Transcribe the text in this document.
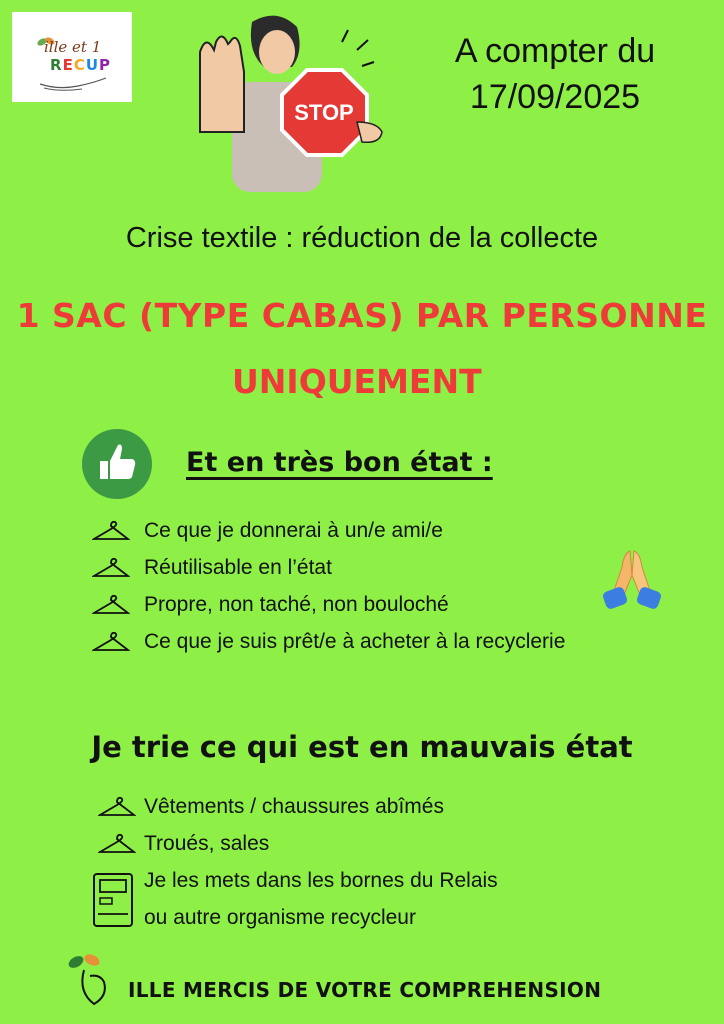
ille et 1
RECUP
STOP
A compter du
17/09/2025
Crise textile : réduction de la collecte
1 SAC (TYPE CABAS) PAR PERSONNE
UNIQUEMENT
Et en très bon état :
Ce que je donnerai à un/e ami/e
Réutilisable en l’état
Propre, non taché, non bouloché
Ce que je suis prêt/e à acheter à la recyclerie
Je trie ce qui est en mauvais état
Vêtements / chaussures abîmés
Troués, sales
Je les mets dans les bornes du Relais
ou autre organisme recycleur
ILLE MERCIS DE VOTRE COMPREHENSION
